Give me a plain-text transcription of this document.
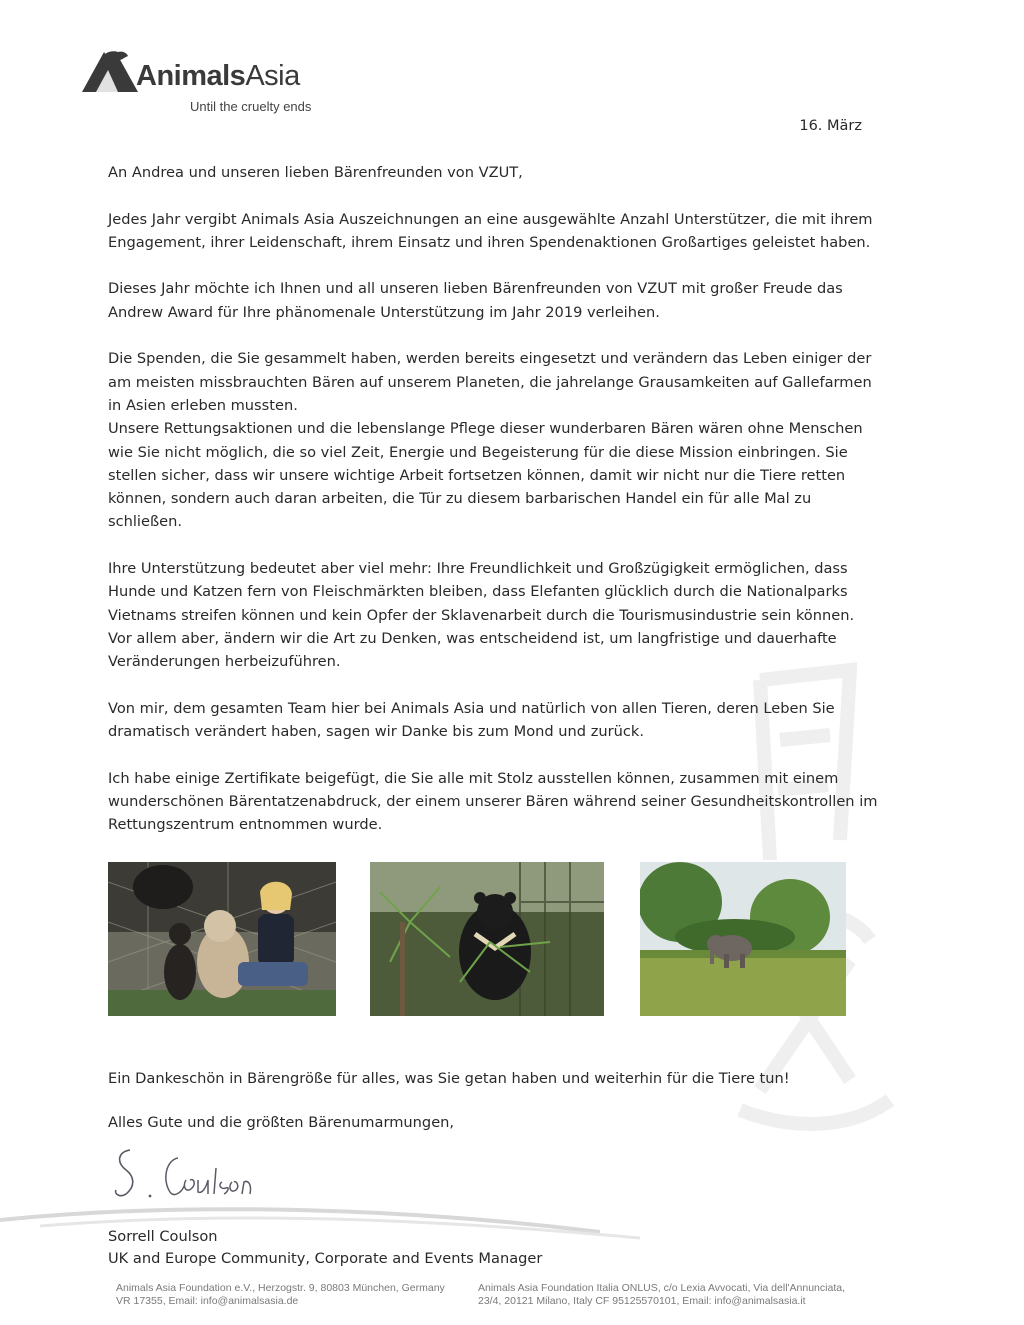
AnimalsAsia
Until the cruelty ends
16. März

An Andrea und unseren lieben Bärenfreunden von VZUT,

Jedes Jahr vergibt Animals Asia Auszeichnungen an eine ausgewählte Anzahl Unterstützer, die mit ihrem Engagement, ihrer Leidenschaft, ihrem Einsatz und ihren Spendenaktionen Großartiges geleistet haben.

Dieses Jahr möchte ich Ihnen und all unseren lieben Bärenfreunden von VZUT mit großer Freude das Andrew Award für Ihre phänomenale Unterstützung im Jahr 2019 verleihen.

Die Spenden, die Sie gesammelt haben, werden bereits eingesetzt und verändern das Leben einiger der am meisten missbrauchten Bären auf unserem Planeten, die jahrelange Grausamkeiten auf Gallefarmen in Asien erleben mussten.

Unsere Rettungsaktionen und die lebenslange Pflege dieser wunderbaren Bären wären ohne Menschen wie Sie nicht möglich, die so viel Zeit, Energie und Begeisterung für die diese Mission einbringen. Sie stellen sicher, dass wir unsere wichtige Arbeit fortsetzen können, damit wir nicht nur die Tiere retten können, sondern auch daran arbeiten, die Tür zu diesem barbarischen Handel ein für alle Mal zu schließen.

Ihre Unterstützung bedeutet aber viel mehr: Ihre Freundlichkeit und Großzügigkeit ermöglichen, dass Hunde und Katzen fern von Fleischmärkten bleiben, dass Elefanten glücklich durch die Nationalparks Vietnams streifen können und kein Opfer der Sklavenarbeit durch die Tourismusindustrie sein können. Vor allem aber, ändern wir die Art zu Denken, was entscheidend ist, um langfristige und dauerhafte Veränderungen herbeizuführen.

Von mir, dem gesamten Team hier bei Animals Asia und natürlich von allen Tieren, deren Leben Sie dramatisch verändert haben, sagen wir Danke bis zum Mond und zurück.

Ich habe einige Zertifikate beigefügt, die Sie alle mit Stolz ausstellen können, zusammen mit einem wunderschönen Bärentatzenabdruck, der einem unserer Bären während seiner Gesundheitskontrollen im Rettungszentrum entnommen wurde.

Ein Dankeschön in Bärengröße für alles, was Sie getan haben und weiterhin für die Tiere tun!
Alles Gute und die größten Bärenumarmungen,
Sorrell Coulson
UK and Europe Community, Corporate and Events Manager
Animals Asia Foundation e.V., Herzogstr. 9, 80803 München, Germany
VR 17355, Email: info@animalsasia.de
Animals Asia Foundation Italia ONLUS, c/o Lexia Avvocati, Via dell'Annunciata,
23/4, 20121 Milano, Italy CF 95125570101, Email: info@animalsasia.it
